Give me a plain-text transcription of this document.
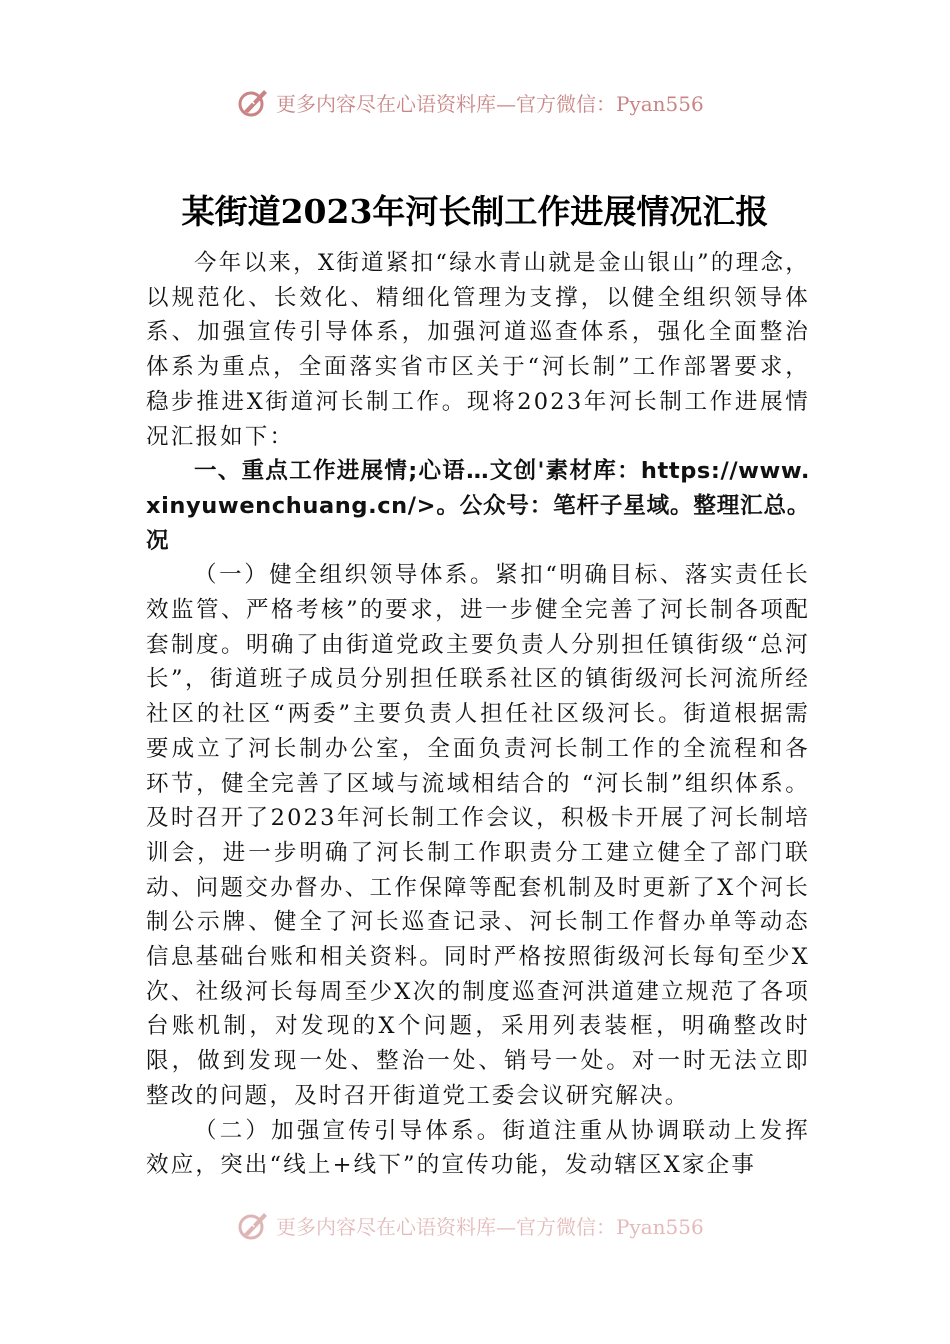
更多内容尽在心语资料库—官方微信：Pyan556
某街道2023年河长制工作进展情况汇报

今年以来，X街道紧扣“绿水青山就是金山银山”的理念，以规范化、长效化、精细化管理为支撑，以健全组织领导体系、加强宣传引导体系，加强河道巡查体系，强化全面整治体系为重点，全面落实省市区关于“河长制”工作部署要求，稳步推进X街道河长制工作。现将2023年河长制工作进展情况汇报如下：

一、重点工作进展情;心语…文创'素材库：https://www.xinyuwenchuang.cn/>。公众号：笔杆子星域。整理汇总。况

（一）健全组织领导体系。紧扣“明确目标、落实责任长效监管、严格考核”的要求，进一步健全完善了河长制各项配套制度。明确了由街道党政主要负责人分别担任镇街级“总河长”，街道班子成员分别担任联系社区的镇街级河长河流所经社区的社区“两委”主要负责人担任社区级河长。街道根据需要成立了河长制办公室，全面负责河长制工作的全流程和各环节，健全完善了区域与流域相结合的 “河长制”组织体系。及时召开了2023年河长制工作会议，积极卡开展了河长制培训会，进一步明确了河长制工作职责分工建立健全了部门联动、问题交办督办、工作保障等配套机制及时更新了X个河长制公示牌、健全了河长巡查记录、河长制工作督办单等动态信息基础台账和相关资料。同时严格按照街级河长每旬至少X次、社级河长每周至少X次的制度巡查河洪道建立规范了各项台账机制，对发现的X个问题，采用列表装框，明确整改时限，做到发现一处、整治一处、销号一处。对一时无法立即整改的问题，及时召开街道党工委会议研究解决。

（二）加强宣传引导体系。街道注重从协调联动上发挥效应，突出“线上+线下”的宣传功能，发动辖区X家企事

更多内容尽在心语资料库—官方微信：Pyan556
